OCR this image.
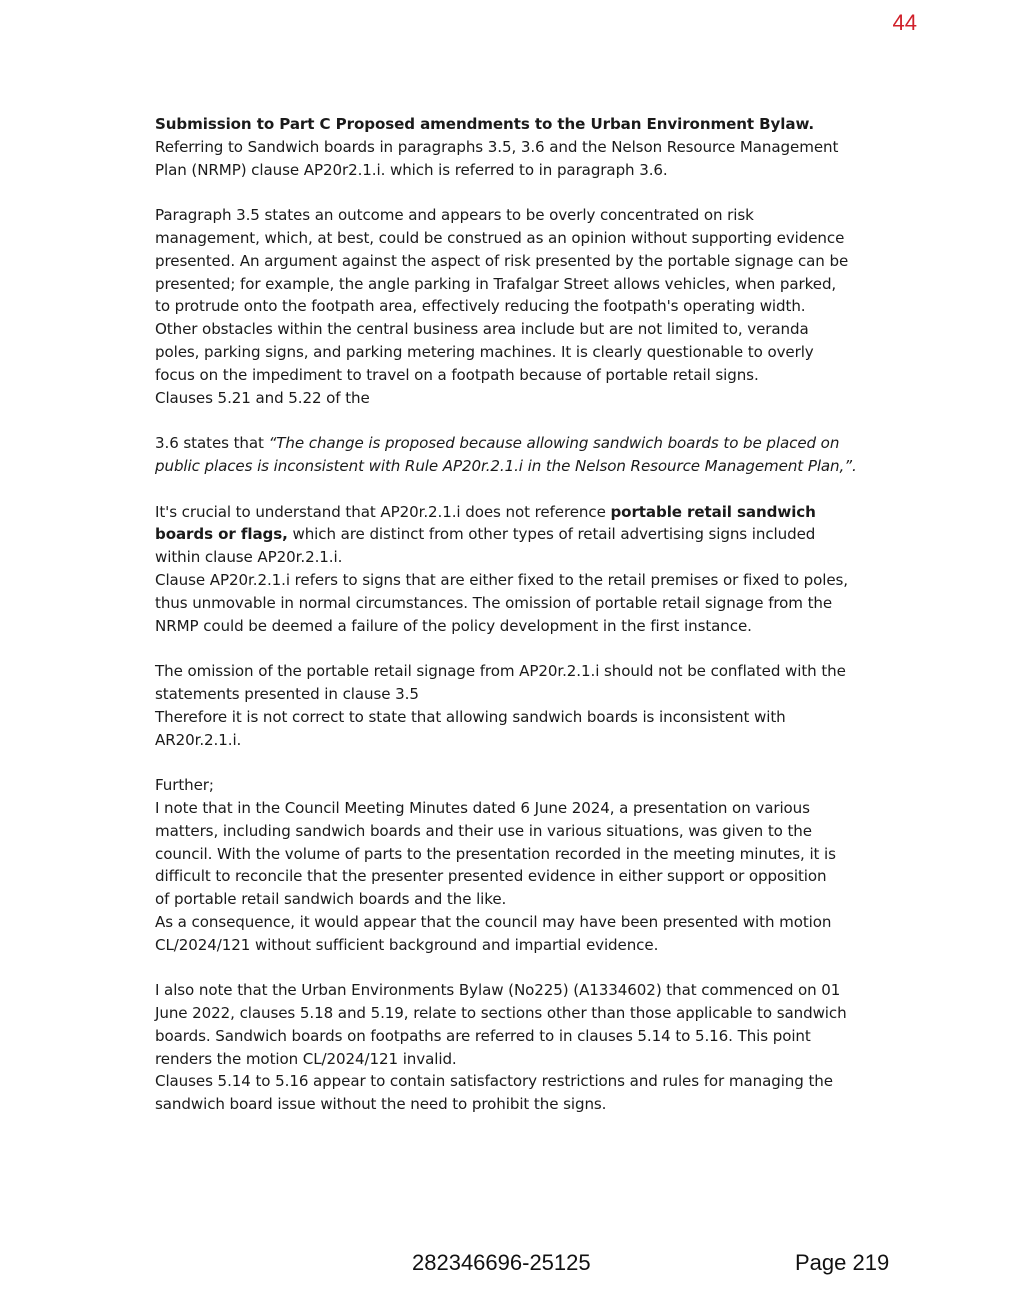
44

Submission to Part C Proposed amendments to the Urban Environment Bylaw.

Referring to Sandwich boards in paragraphs 3.5, 3.6 and the Nelson Resource Management

Plan (NRMP) clause AP20r2.1.i. which is referred to in paragraph 3.6.

Paragraph 3.5 states an outcome and appears to be overly concentrated on risk

management, which, at best, could be construed as an opinion without supporting evidence

presented. An argument against the aspect of risk presented by the portable signage can be

presented; for example, the angle parking in Trafalgar Street allows vehicles, when parked,

to protrude onto the footpath area, effectively reducing the footpath's operating width.

Other obstacles within the central business area include but are not limited to, veranda

poles, parking signs, and parking metering machines. It is clearly questionable to overly

focus on the impediment to travel on a footpath because of portable retail signs.

Clauses 5.21 and 5.22 of the

3.6 states that “The change is proposed because allowing sandwich boards to be placed on

public places is inconsistent with Rule AP20r.2.1.i in the Nelson Resource Management Plan,”.

It's crucial to understand that AP20r.2.1.i does not reference portable retail sandwich

boards or flags, which are distinct from other types of retail advertising signs included

within clause AP20r.2.1.i.

Clause AP20r.2.1.i refers to signs that are either fixed to the retail premises or fixed to poles,

thus unmovable in normal circumstances. The omission of portable retail signage from the

NRMP could be deemed a failure of the policy development in the first instance.

The omission of the portable retail signage from AP20r.2.1.i should not be conflated with the

statements presented in clause 3.5

Therefore it is not correct to state that allowing sandwich boards is inconsistent with

AR20r.2.1.i.

Further;

I note that in the Council Meeting Minutes dated 6 June 2024, a presentation on various

matters, including sandwich boards and their use in various situations, was given to the

council. With the volume of parts to the presentation recorded in the meeting minutes, it is

difficult to reconcile that the presenter presented evidence in either support or opposition

of portable retail sandwich boards and the like.

As a consequence, it would appear that the council may have been presented with motion

CL/2024/121 without sufficient background and impartial evidence.

I also note that the Urban Environments Bylaw (No225) (A1334602) that commenced on 01

June 2022, clauses 5.18 and 5.19, relate to sections other than those applicable to sandwich

boards. Sandwich boards on footpaths are referred to in clauses 5.14 to 5.16. This point

renders the motion CL/2024/121 invalid.

Clauses 5.14 to 5.16 appear to contain satisfactory restrictions and rules for managing the

sandwich board issue without the need to prohibit the signs.

282346696-25125	Page 219
